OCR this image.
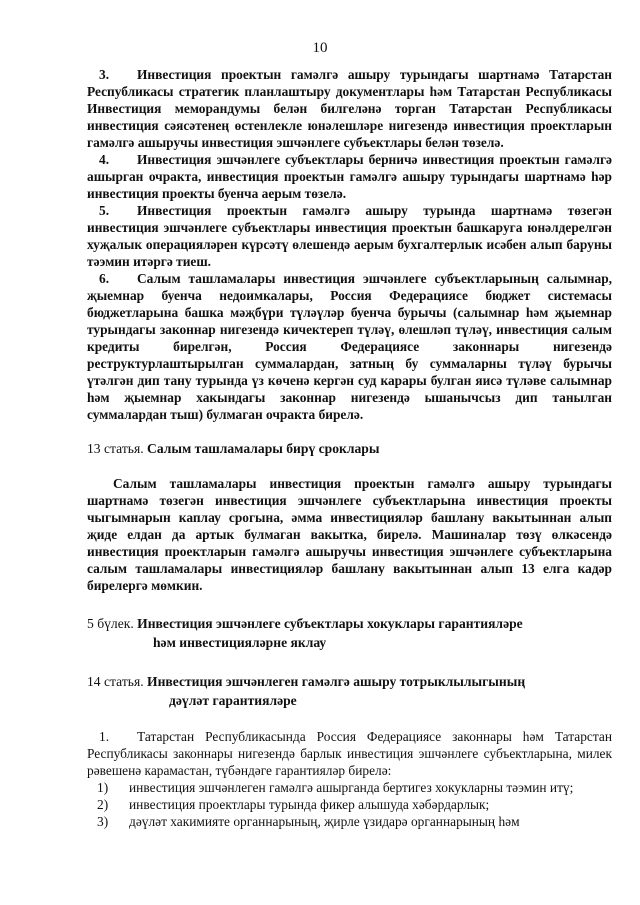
10

3. Инвестиция проектын гамәлгә ашыру турындагы шартнамә Татарстан Республикасы стратегик планлаштыру документлары һәм Татарстан Республикасы Инвестиция меморандумы белән билгеләнә торган Татарстан Республикасы инвестиция сәясәтенең өстенлекле юнәлешләре нигезендә инвестиция проектларын гамәлгә ашыручы инвестиция эшчәнлеге субъектлары белән төзелә.

4. Инвестиция эшчәнлеге субъектлары берничә инвестиция проектын гамәлгә ашырган очракта, инвестиция проектын гамәлгә ашыру турындагы шартнамә һәр инвестиция проекты буенча аерым төзелә.

5. Инвестиция проектын гамәлгә ашыру турында шартнамә төзегән инвестиция эшчәнлеге субъектлары инвестиция проектын башкаруга юнәлдерелгән хуҗалык операцияләрен күрсәтү өлешендә аерым бухгалтерлык исәбен алып баруны тәэмин итәргә тиеш.

6. Салым ташламалары инвестиция эшчәнлеге субъектларының салымнар, җыемнар буенча недоимкалары, Россия Федерациясе бюджет системасы бюджетларына башка мәҗбүри түләүләр буенча бурычы (салымнар һәм җыемнар турындагы законнар нигезендә кичектереп түләү, өлешләп түләү, инвестиция салым кредиты бирелгән, Россия Федерациясе законнары нигезендә реструктурлаштырылган суммалардан, затның бу суммаларны түләү бурычы үтәлгән дип тану турында үз көченә кергән суд карары булган яисә түләве салымнар һәм җыемнар хакындагы законнар нигезендә ышанычсыз дип танылган суммалардан тыш) булмаган очракта бирелә.

13 статья. Салым ташламалары бирү сроклары

Салым ташламалары инвестиция проектын гамәлгә ашыру турындагы шартнамә төзегән инвестиция эшчәнлеге субъектларына инвестиция проекты чыгымнарын каплау срогына, әмма инвестицияләр башлану вакытыннан алып җиде елдан да артык булмаган вакытка, бирелә. Машиналар төзү өлкәсендә инвестиция проектларын гамәлгә ашыручы инвестиция эшчәнлеге субъектларына салым ташламалары инвестицияләр башлану вакытыннан алып 13 елга кадәр бирелергә мөмкин.

5 бүлек. Инвестиция эшчәнлеге субъектлары хокуклары гарантияләре
һәм инвестицияләрне яклау

14 статья. Инвестиция эшчәнлеген гамәлгә ашыру тотрыклылыгының
дәүләт гарантияләре

1. Татарстан Республикасында Россия Федерациясе законнары һәм Татарстан Республикасы законнары нигезендә барлык инвестиция эшчәнлеге субъектларына, милек рәвешенә карамастан, түбәндәге гарантияләр бирелә:

1) инвестиция эшчәнлеген гамәлгә ашырганда бертигез хокукларны тәэмин итү;

2) инвестиция проектлары турында фикер алышуда хәбәрдарлык;

3) дәүләт хакимияте органнарының, җирле үзидарә органнарының һәм
